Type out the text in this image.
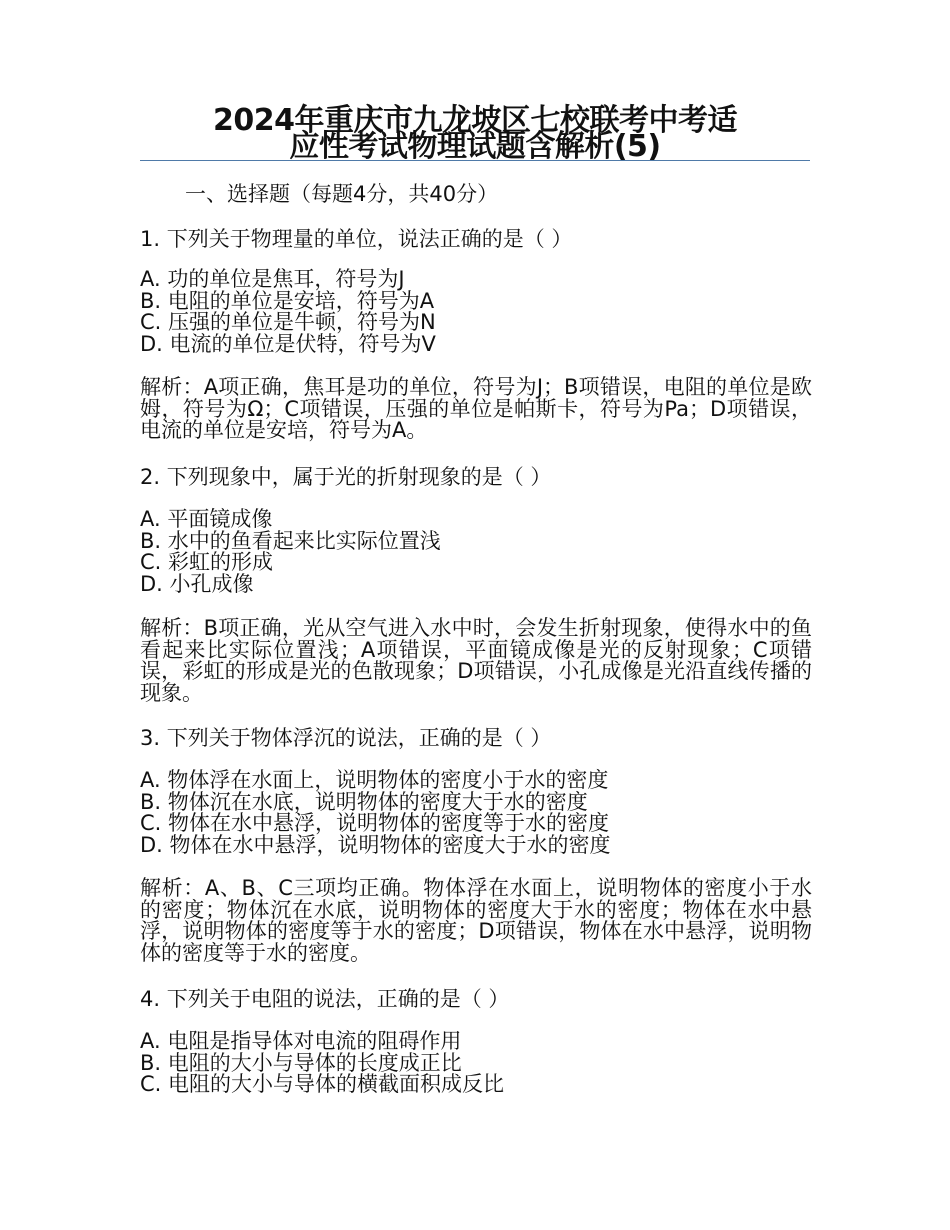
2024年重庆市九龙坡区七校联考中考适
应性考试物理试题含解析(5)
一、选择题（每题4分，共40分）
1. 下列关于物理量的单位，说法正确的是（ ）
A. 功的单位是焦耳，符号为J
B. 电阻的单位是安培，符号为A
C. 压强的单位是牛顿，符号为N
D. 电流的单位是伏特，符号为V
解析：A项正确，焦耳是功的单位，符号为J；B项错误，电阻的单位是欧姆，符号为Ω；C项错误，压强的单位是帕斯卡，符号为Pa；D项错误，电流的单位是安培，符号为A。
2. 下列现象中，属于光的折射现象的是（ ）
A. 平面镜成像
B. 水中的鱼看起来比实际位置浅
C. 彩虹的形成
D. 小孔成像
解析：B项正确，光从空气进入水中时，会发生折射现象，使得水中的鱼看起来比实际位置浅；A项错误，平面镜成像是光的反射现象；C项错误，彩虹的形成是光的色散现象；D项错误，小孔成像是光沿直线传播的现象。
3. 下列关于物体浮沉的说法，正确的是（ ）
A. 物体浮在水面上，说明物体的密度小于水的密度
B. 物体沉在水底，说明物体的密度大于水的密度
C. 物体在水中悬浮，说明物体的密度等于水的密度
D. 物体在水中悬浮，说明物体的密度大于水的密度
解析：A、B、C三项均正确。物体浮在水面上，说明物体的密度小于水的密度；物体沉在水底，说明物体的密度大于水的密度；物体在水中悬浮，说明物体的密度等于水的密度；D项错误，物体在水中悬浮，说明物体的密度等于水的密度。
4. 下列关于电阻的说法，正确的是（ ）
A. 电阻是指导体对电流的阻碍作用
B. 电阻的大小与导体的长度成正比
C. 电阻的大小与导体的横截面积成反比
